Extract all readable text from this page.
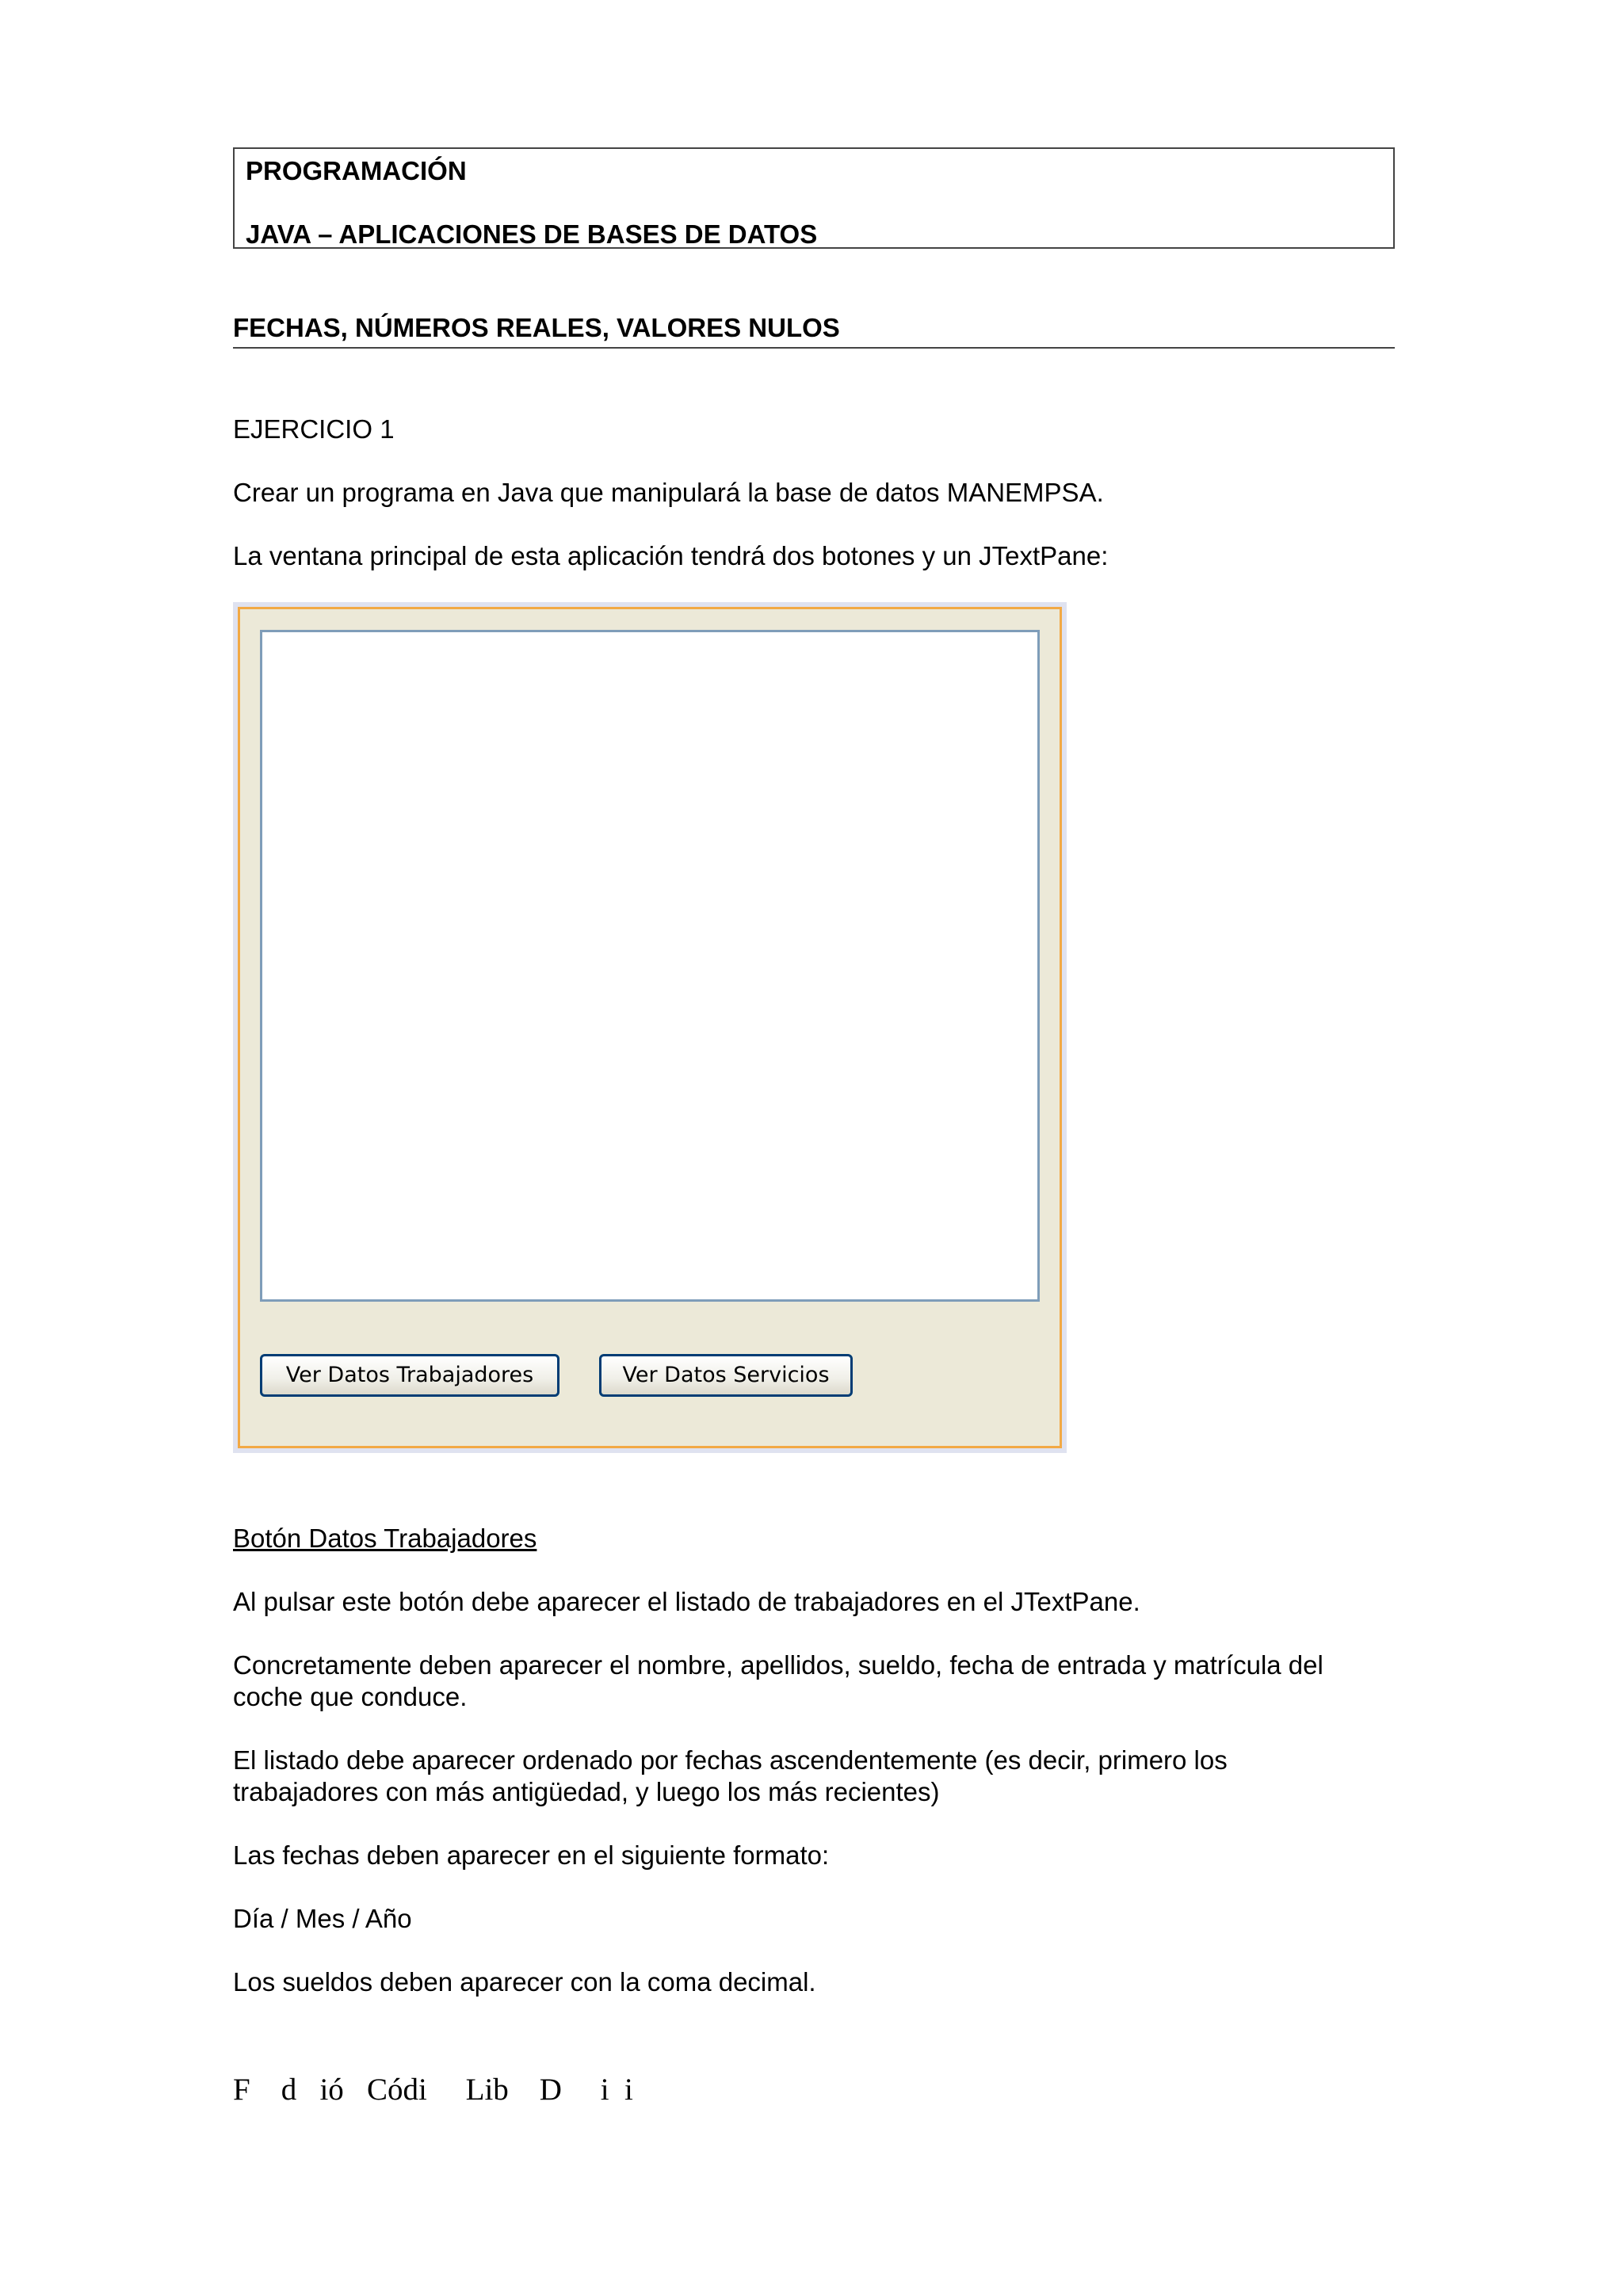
PROGRAMACIÓN

JAVA – APLICACIONES DE BASES DE DATOS

FECHAS, NÚMEROS REALES, VALORES NULOS

EJERCICIO 1

Crear un programa en Java que manipulará la base de datos MANEMPSA.

La ventana principal de esta aplicación tendrá dos botones y un JTextPane:

Ver Datos Trabajadores	Ver Datos Servicios

Botón Datos Trabajadores

Al pulsar este botón debe aparecer el listado de trabajadores en el JTextPane.

Concretamente deben aparecer el nombre, apellidos, sueldo, fecha de entrada y matrícula del

coche que conduce.

El listado debe aparecer ordenado por fechas ascendentemente (es decir, primero los

trabajadores con más antigüedad, y luego los más recientes)

Las fechas deben aparecer en el siguiente formato:

Día / Mes / Año

Los sueldos deben aparecer con la coma decimal.

F    d   ió   Códi     Lib    D     i  i
